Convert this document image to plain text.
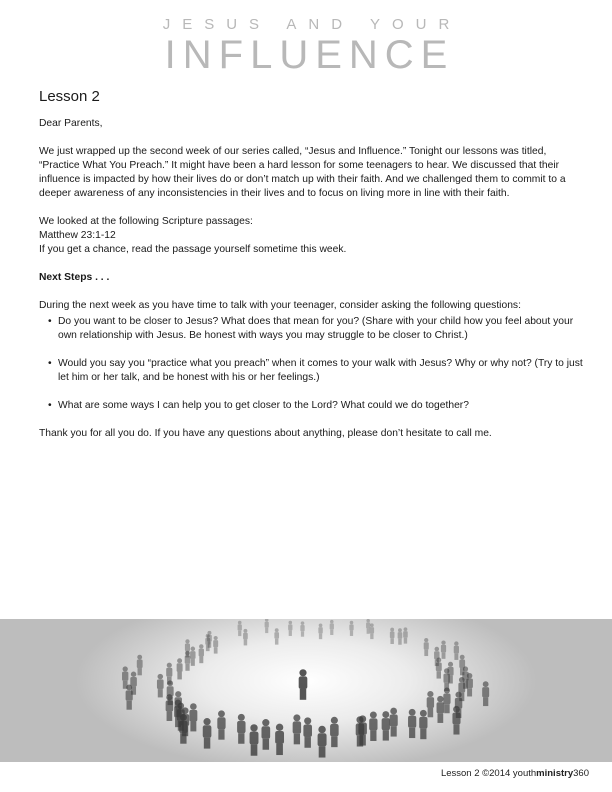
JESUS AND YOUR
INFLUENCE
Lesson 2

Dear Parents,

We just wrapped up the second week of our series called, “Jesus and Influence.” Tonight our lessons was titled, “Practice What You Preach.” It might have been a hard lesson for some teenagers to hear. We discussed that their influence is impacted by how their lives do or don’t match up with their faith. And we challenged them to commit to a deeper awareness of any inconsistencies in their lives and to focus on living more in line with their faith.

We looked at the following Scripture passages:
Matthew 23:1-12
If you get a chance, read the passage yourself sometime this week.

Next Steps . . .

During the next week as you have time to talk with your teenager, consider asking the following questions:

• Do you want to be closer to Jesus? What does that mean for you? (Share with your child how you feel about your own relationship with Jesus. Be honest with ways you may struggle to be closer to Christ.)
• Would you say you “practice what you preach” when it comes to your walk with Jesus? Why or why not? (Try to just let him or her talk, and be honest with his or her feelings.)
• What are some ways I can help you to get closer to the Lord? What could we do together?

Thank you for all you do. If you have any questions about anything, please don’t hesitate to call me.

Lesson 2 ©2014 youthministry360
